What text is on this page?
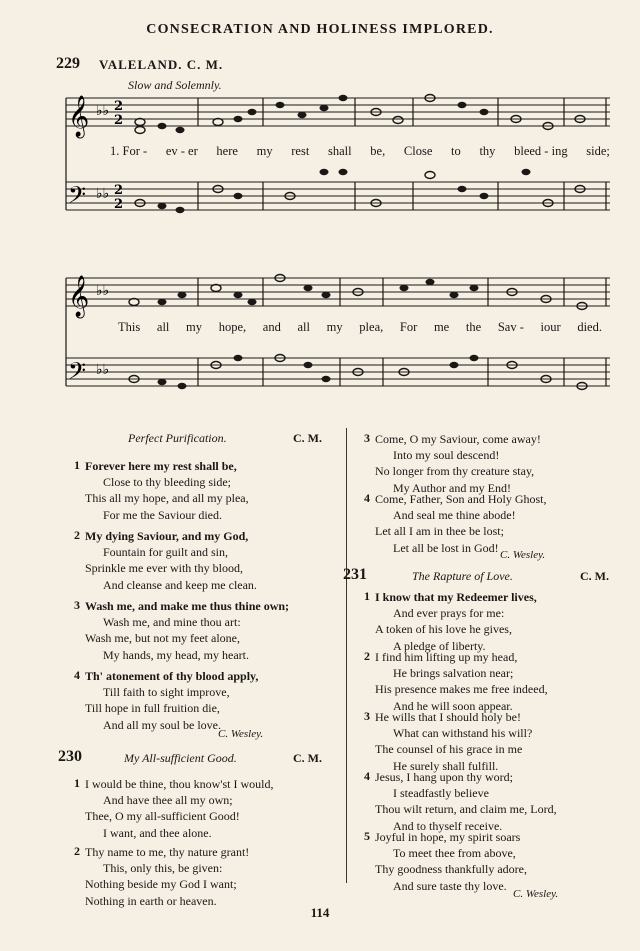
CONSECRATION AND HOLINESS IMPLORED.
229 VALELAND. C. M.
Slow and Solemnly.
𝄞
𝄢
♭♭
♭♭
2
2
2
2
1. For - ev - er here my rest shall be, Close to thy bleed - ing side;
𝄞
𝄢
♭♭
♭♭
This all my hope, and all my plea, For me the Sav - iour died.
Perfect Purification.	C. M.
1 Forever here my rest shall be,
Close to thy bleeding side;
This all my hope, and all my plea,
For me the Saviour died.
2 My dying Saviour, and my God,
Fountain for guilt and sin,
Sprinkle me ever with thy blood,
And cleanse and keep me clean.
3 Wash me, and make me thus thine own;
Wash me, and mine thou art:
Wash me, but not my feet alone,
My hands, my head, my heart.
4 Th' atonement of thy blood apply,
Till faith to sight improve,
Till hope in full fruition die,
And all my soul be love.
C. Wesley.
230	My All-sufficient Good.	C. M.
1 I would be thine, thou know'st I would,
And have thee all my own;
Thee, O my all-sufficient Good!
I want, and thee alone.
2 Thy name to me, thy nature grant!
This, only this, be given:
Nothing beside my God I want;
Nothing in earth or heaven.
3 Come, O my Saviour, come away!
Into my soul descend!
No longer from thy creature stay,
My Author and my End!
4 Come, Father, Son and Holy Ghost,
And seal me thine abode!
Let all I am in thee be lost;
Let all be lost in God!
C. Wesley.
231	The Rapture of Love.	C. M.
1 I know that my Redeemer lives,
And ever prays for me:
A token of his love he gives,
A pledge of liberty.
2 I find him lifting up my head,
He brings salvation near;
His presence makes me free indeed,
And he will soon appear.
3 He wills that I should holy be!
What can withstand his will?
The counsel of his grace in me
He surely shall fulfill.
4 Jesus, I hang upon thy word;
I steadfastly believe
Thou wilt return, and claim me, Lord,
And to thyself receive.
5 Joyful in hope, my spirit soars
To meet thee from above,
Thy goodness thankfully adore,
And sure taste thy love.
C. Wesley.
114
